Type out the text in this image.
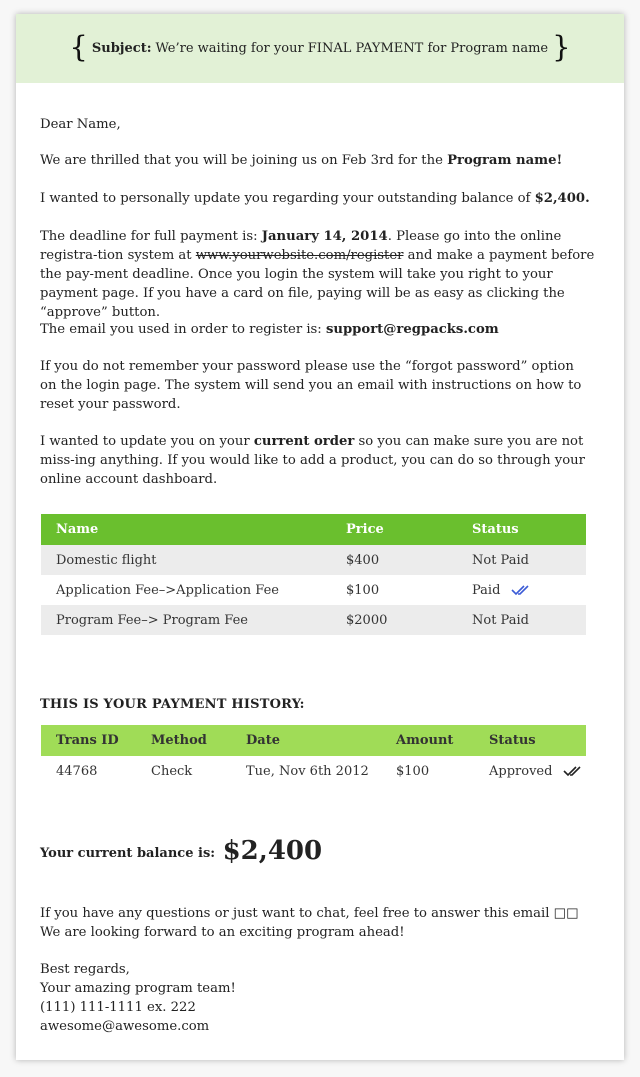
{ Subject: We’re waiting for your FINAL PAYMENT for Program name }

Dear Name,

We are thrilled that you will be joining us on Feb 3rd for the Program name!

I wanted to personally update you regarding your outstanding balance of $2,400.

The deadline for full payment is: January 14, 2014. Please go into the online registra-tion system at www.yourwebsite.com/register and make a payment before the pay-ment deadline. Once you login the system will take you right to your payment page. If you have a card on file, paying will be as easy as clicking the “approve” button.

The email you used in order to register is: support@regpacks.com

If you do not remember your password please use the “forgot password” option on the login page. The system will send you an email with instructions on how to reset your password.

I wanted to update you on your current order so you can make sure you are not miss-ing anything. If you would like to add a product, you can do so through your online account dashboard.

Name	Price	Status
Domestic flight	$400	Not Paid
Application Fee–>Application Fee	$100	Paid
Program Fee–> Program Fee	$2000	Not Paid
THIS IS YOUR PAYMENT HISTORY:
Trans ID	Method	Date	Amount	Status
44768	Check	Tue, Nov 6th 2012	$100	Approved
Your current balance is: $2,400

If you have any questions or just want to chat, feel free to answer this email □□
We are looking forward to an exciting program ahead!

Best regards,
Your amazing program team!
(111) 111-1111 ex. 222
awesome@awesome.com
